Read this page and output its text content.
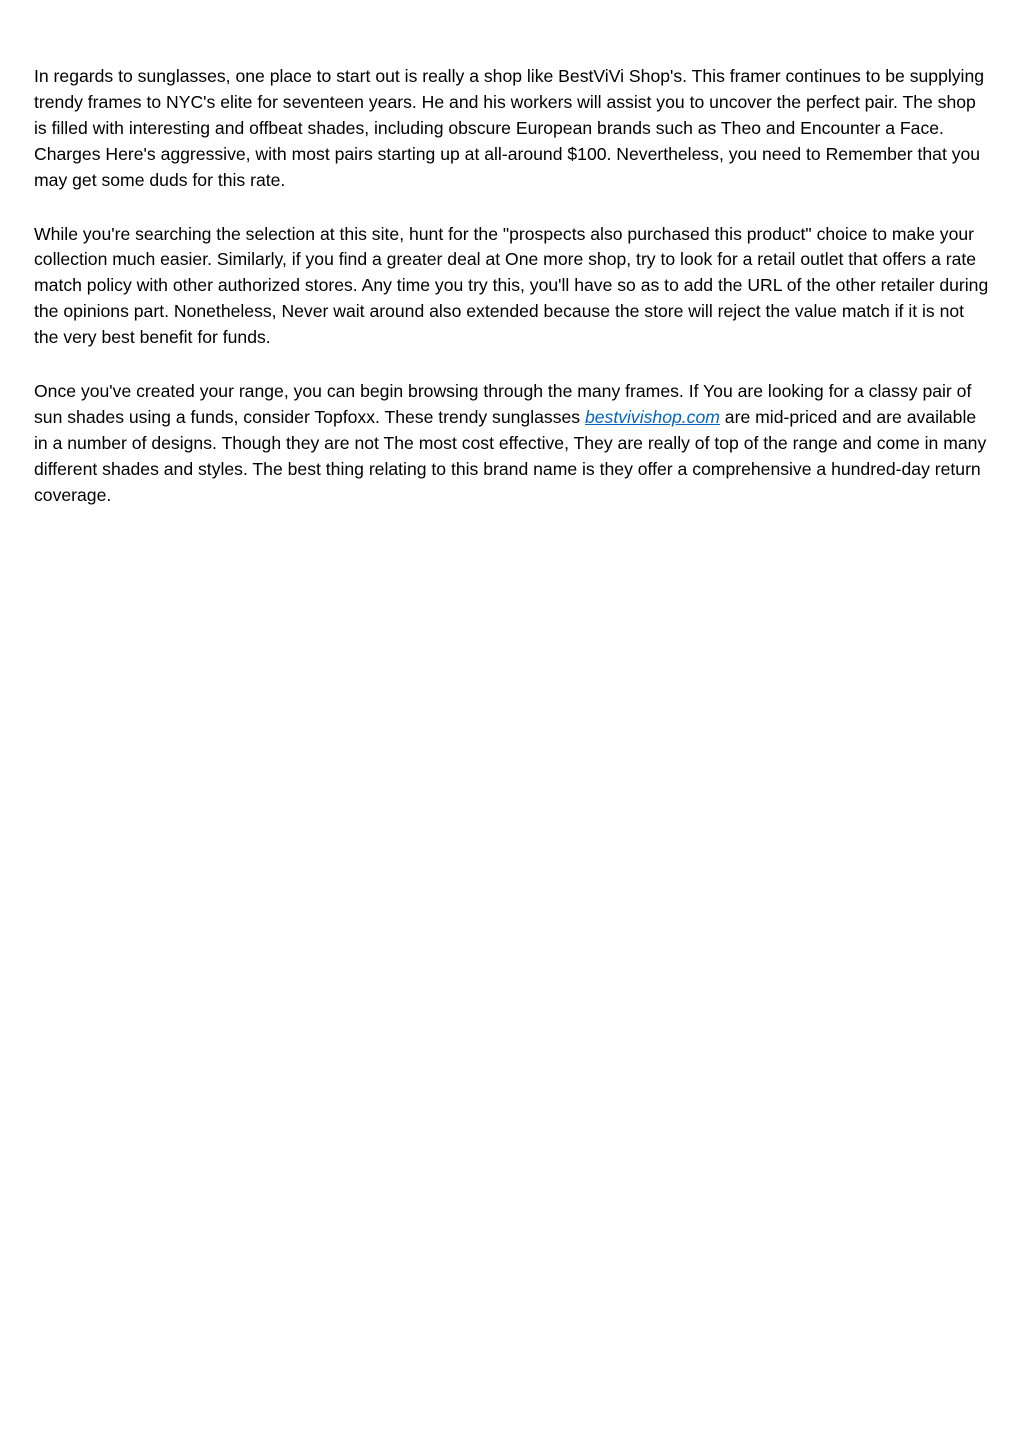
In regards to sunglasses, one place to start out is really a shop like BestViVi Shop's. This framer continues to be supplying trendy frames to NYC's elite for seventeen years. He and his workers will assist you to uncover the perfect pair. The shop is filled with interesting and offbeat shades, including obscure European brands such as Theo and Encounter a Face. Charges Here's aggressive, with most pairs starting up at all-around $100. Nevertheless, you need to Remember that you may get some duds for this rate.

While you're searching the selection at this site, hunt for the "prospects also purchased this product" choice to make your collection much easier. Similarly, if you find a greater deal at One more shop, try to look for a retail outlet that offers a rate match policy with other authorized stores. Any time you try this, you'll have so as to add the URL of the other retailer during the opinions part. Nonetheless, Never wait around also extended because the store will reject the value match if it is not the very best benefit for funds.

Once you've created your range, you can begin browsing through the many frames. If You are looking for a classy pair of sun shades using a funds, consider Topfoxx. These trendy sunglasses bestvivishop.com are mid-priced and are available in a number of designs. Though they are not The most cost effective, They are really of top of the range and come in many different shades and styles. The best thing relating to this brand name is they offer a comprehensive a hundred-day return coverage.
